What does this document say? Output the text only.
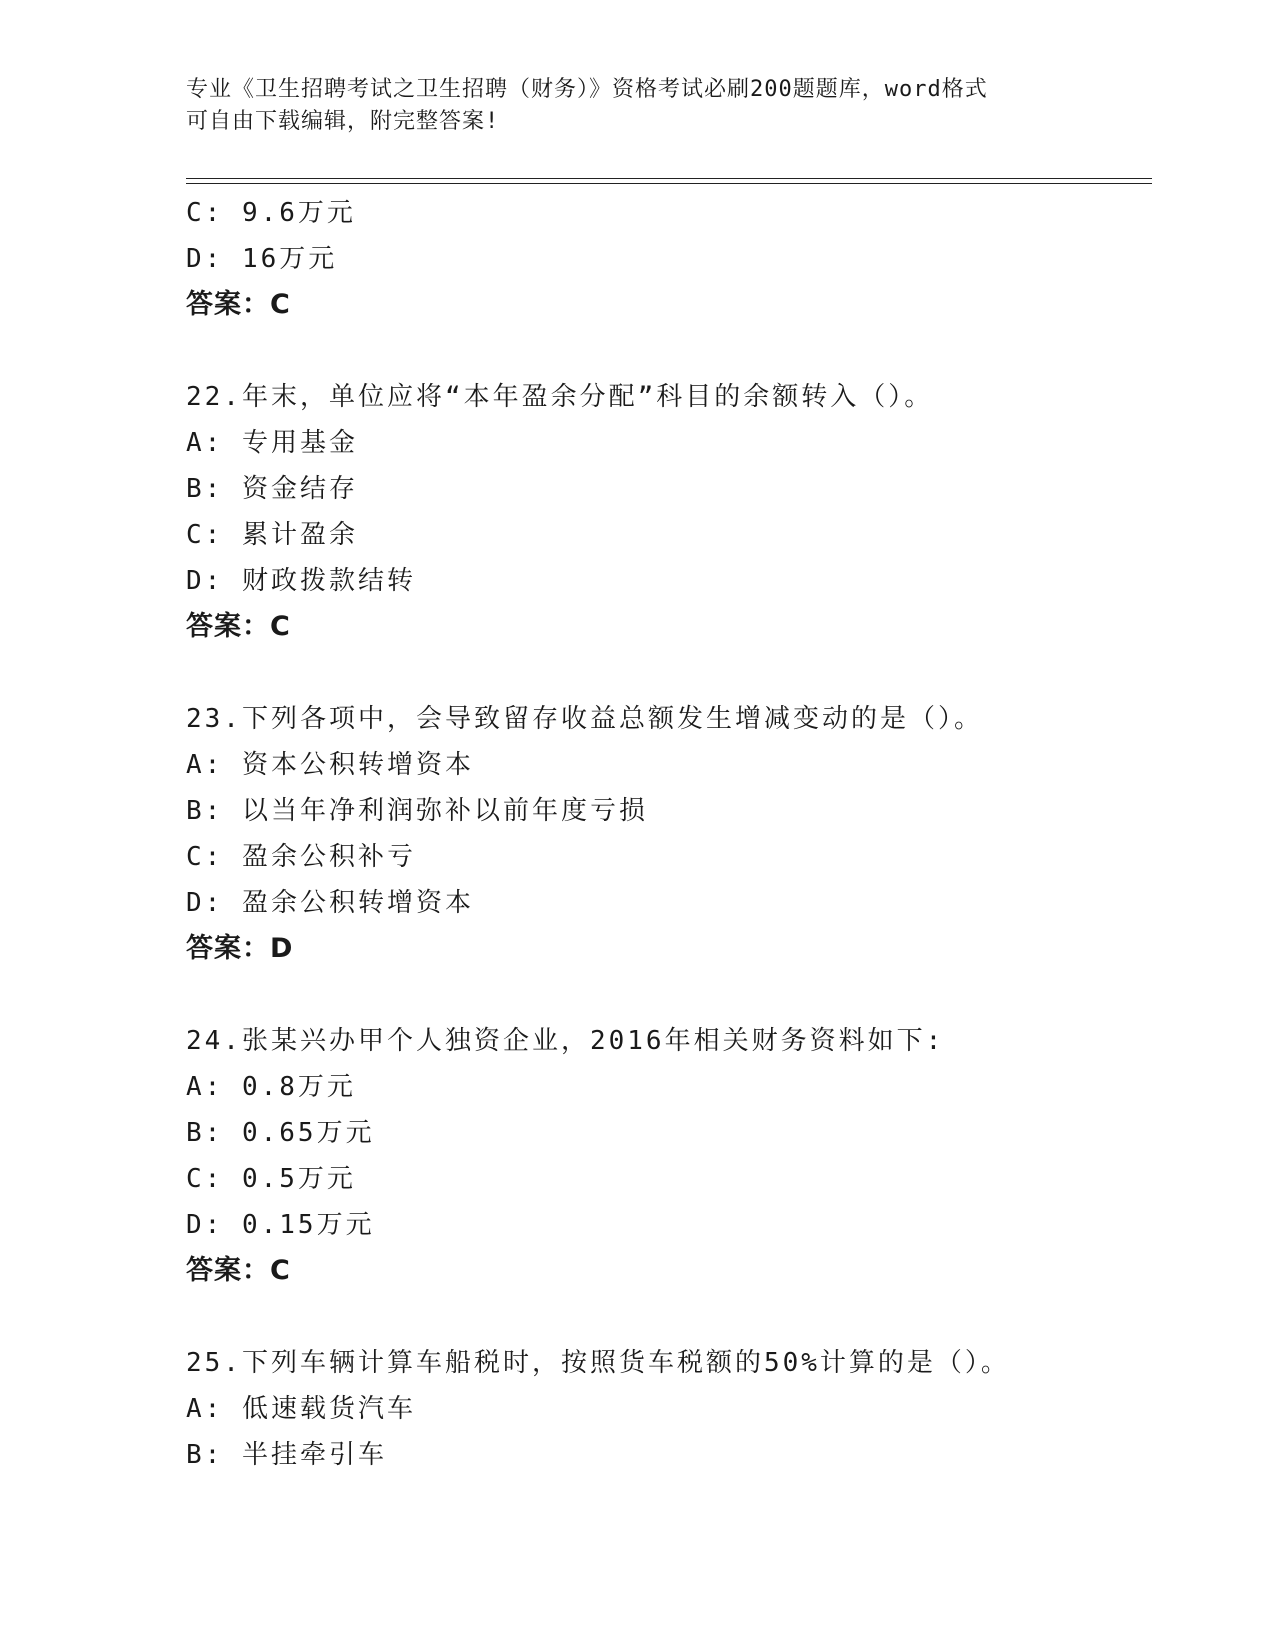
专业《卫生招聘考试之卫生招聘（财务）》资格考试必刷200题题库，word格式
可自由下载编辑，附完整答案!
C: 9.6万元
D: 16万元
答案：C
22.年末，单位应将“本年盈余分配”科目的余额转入（）。
A: 专用基金
B: 资金结存
C: 累计盈余
D: 财政拨款结转
答案：C
23.下列各项中，会导致留存收益总额发生增减变动的是（）。
A: 资本公积转增资本
B: 以当年净利润弥补以前年度亏损
C: 盈余公积补亏
D: 盈余公积转增资本
答案：D
24.张某兴办甲个人独资企业，2016年相关财务资料如下:
A: 0.8万元
B: 0.65万元
C: 0.5万元
D: 0.15万元
答案：C
25.下列车辆计算车船税时，按照货车税额的50%计算的是（）。
A: 低速载货汽车
B: 半挂牵引车
